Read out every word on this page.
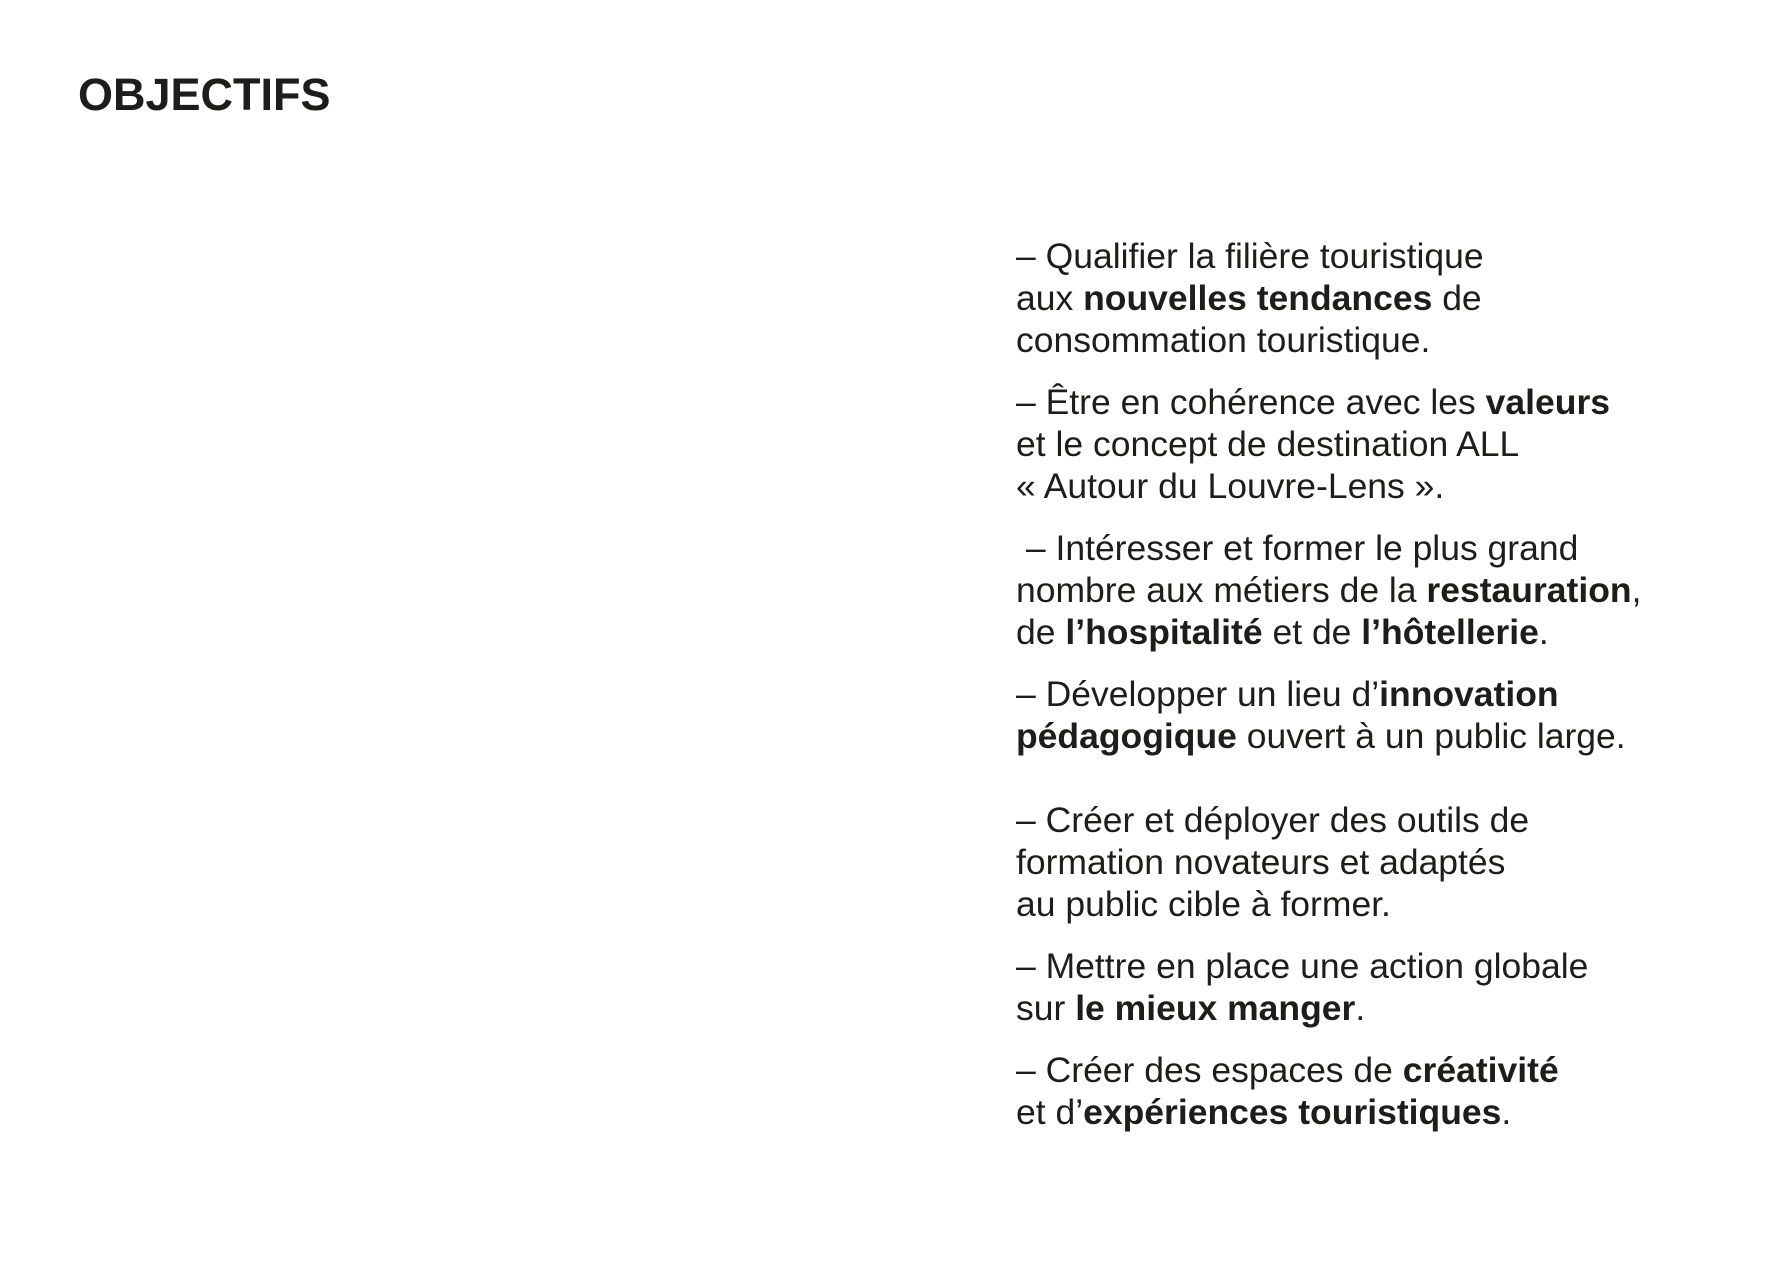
OBJECTIFS
– Qualifier la filière touristique
aux nouvelles tendances de
consommation touristique.
– Être en cohérence avec les valeurs
et le concept de destination ALL
« Autour du Louvre-Lens ».
– Intéresser et former le plus grand
nombre aux métiers de la restauration,
de l’hospitalité et de l’hôtellerie.
– Développer un lieu d’innovation
pédagogique ouvert à un public large.
– Créer et déployer des outils de
formation novateurs et adaptés
au public cible à former.
– Mettre en place une action globale
sur le mieux manger.
– Créer des espaces de créativité
et d’expériences touristiques.
